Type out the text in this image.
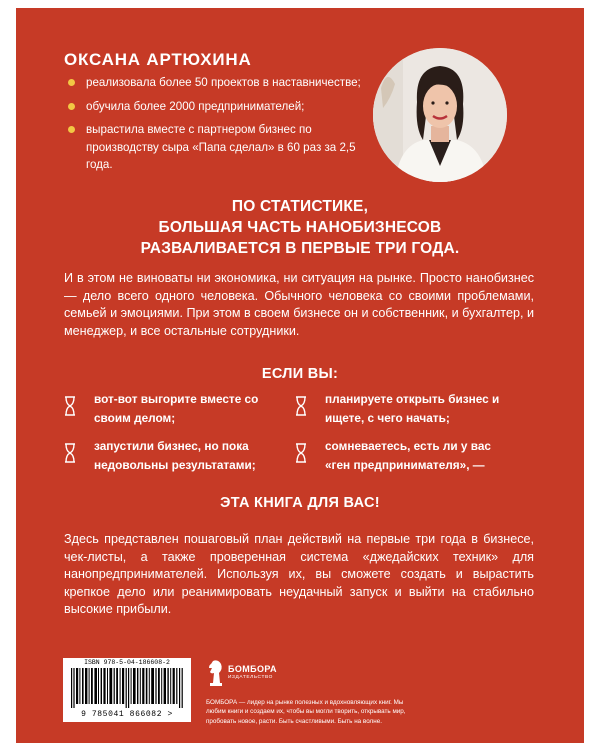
ОКСАНА АРТЮХИНА
реализовала более 50 проектов в наставничестве;
обучила более 2000 предпринимателей;
вырастила вместе с партнером бизнес по производству сыра «Папа сделал» в 60 раз за 2,5 года.
ПО СТАТИСТИКЕ,
БОЛЬШАЯ ЧАСТЬ НАНОБИЗНЕСОВ
РАЗВАЛИВАЕТСЯ В ПЕРВЫЕ ТРИ ГОДА.
И в этом не виноваты ни экономика, ни ситуация на рынке. Просто нанобизнес — дело всего одного человека. Обычного человека со своими проблемами, семьей и эмоциями. При этом в своем бизнесе он и собственник, и бухгалтер, и менеджер, и все остальные сотрудники.
ЕСЛИ ВЫ:
вот-вот выгорите вместе со своим делом;
планируете открыть бизнес и ищете, с чего начать;
запустили бизнес, но пока недовольны результатами;
сомневаетесь, есть ли у вас «ген предпринимателя», —
ЭТА КНИГА ДЛЯ ВАС!
Здесь представлен пошаговый план действий на первые три года в бизнесе, чек-листы, а также проверенная система «джедайских техник» для нанопредпринимателей. Используя их, вы сможете создать и вырастить крепкое дело или реанимировать неудачный запуск и выйти на стабильно высокие прибыли.
ISBN 978-5-04-186608-2
9 785041 866082 >
БОМБОРА
ИЗДАТЕЛЬСТВО
БОМБОРА — лидер на рынке полезных и вдохновляющих книг. Мы любим книги и создаем их, чтобы вы могли творить, открывать мир, пробовать новое, расти. Быть счастливыми. Быть на волне.
